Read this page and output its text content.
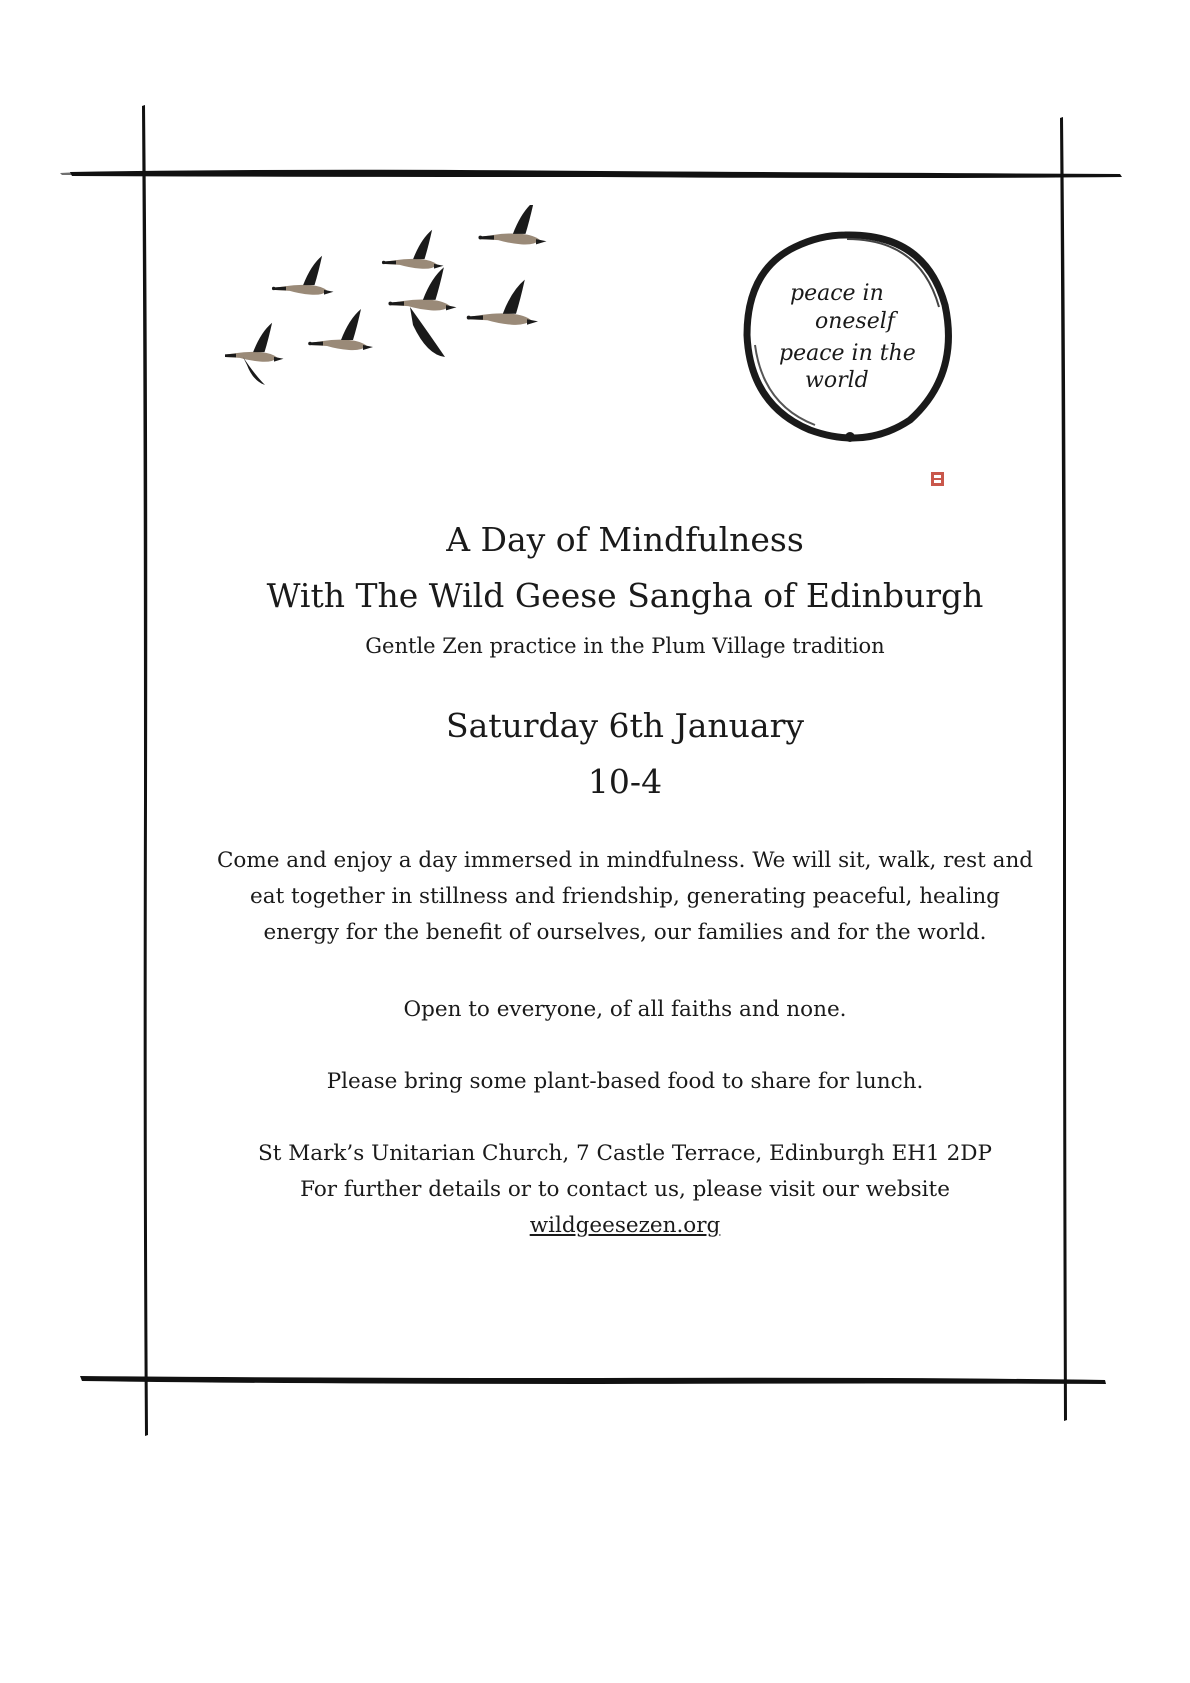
peace in
oneself
peace in the
world
A Day of Mindfulness
With The Wild Geese Sangha of Edinburgh
Gentle Zen practice in the Plum Village tradition
Saturday 6th January
10-4
Come and enjoy a day immersed in mindfulness. We will sit, walk, rest and
eat together in stillness and friendship, generating peaceful, healing
energy for the benefit of ourselves, our families and for the world.
Open to everyone, of all faiths and none.
Please bring some plant-based food to share for lunch.
St Mark’s Unitarian Church, 7 Castle Terrace, Edinburgh EH1 2DP
For further details or to contact us, please visit our website
wildgeesezen.org
